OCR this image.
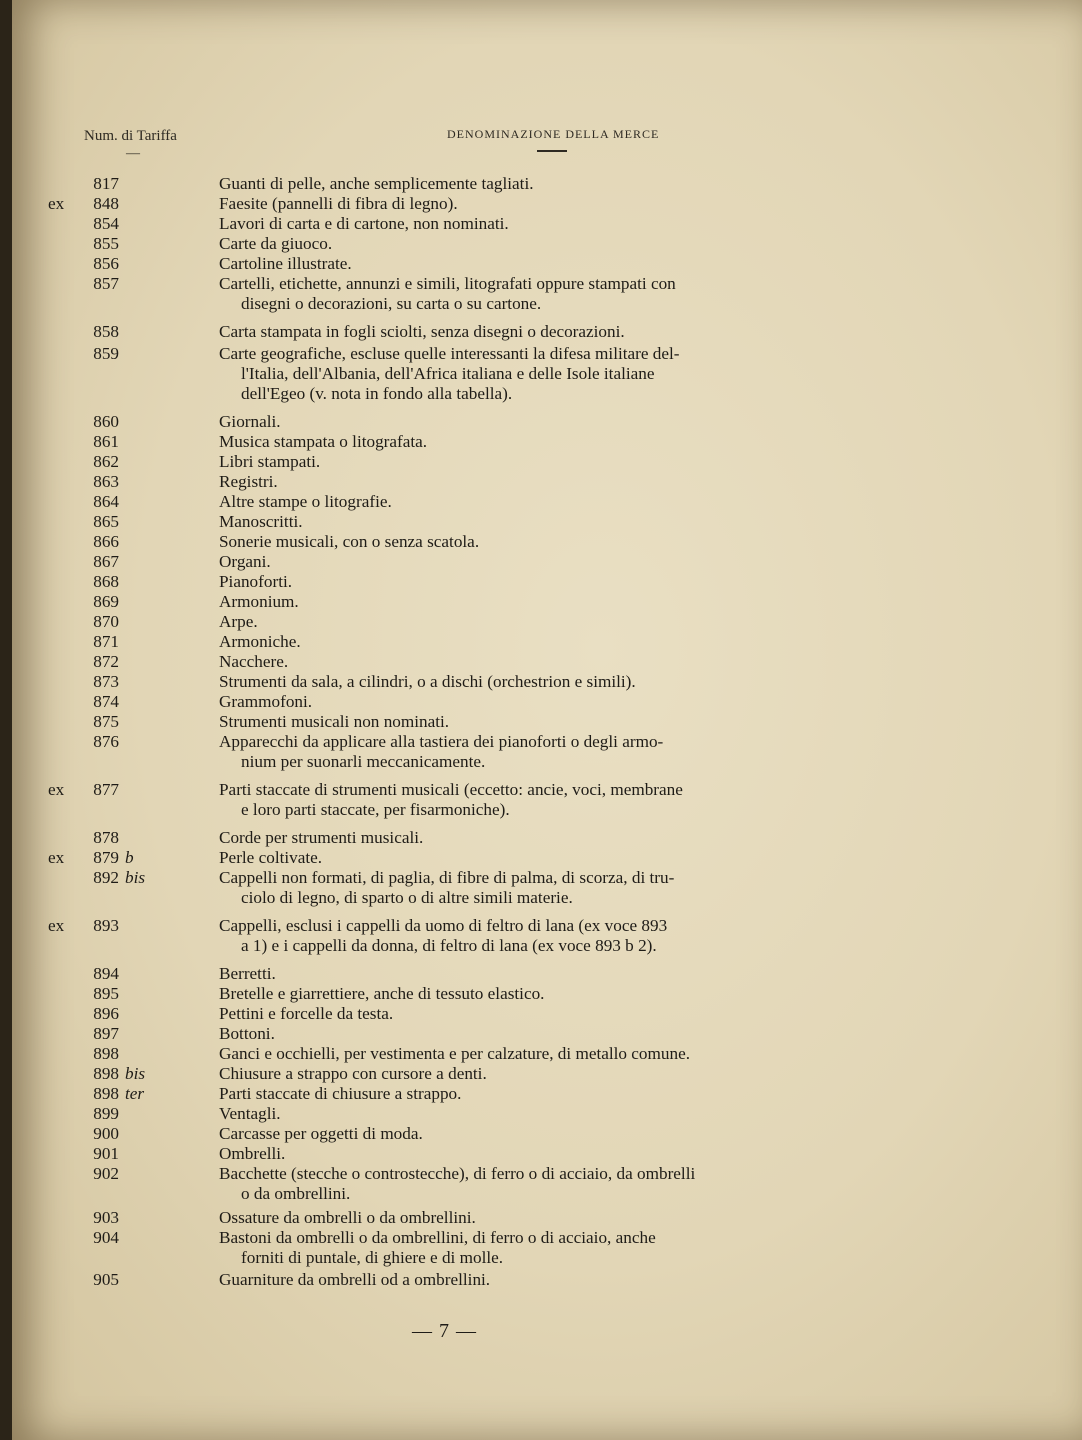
Num. di Tariffa
—
DENOMINAZIONE DELLA MERCE
817	Guanti di pelle, anche semplicemente tagliati.
ex	848	Faesite (pannelli di fibra di legno).
854	Lavori di carta e di cartone, non nominati.
855	Carte da giuoco.
856	Cartoline illustrate.
857	Cartelli, etichette, annunzi e simili, litografati oppure stampati con
disegni o decorazioni, su carta o su cartone.
858	Carta stampata in fogli sciolti, senza disegni o decorazioni.
859	Carte geografiche, escluse quelle interessanti la difesa militare del-
l'Italia, dell'Albania, dell'Africa italiana e delle Isole italiane
dell'Egeo (v. nota in fondo alla tabella).
860	Giornali.
861	Musica stampata o litografata.
862	Libri stampati.
863	Registri.
864	Altre stampe o litografie.
865	Manoscritti.
866	Sonerie musicali, con o senza scatola.
867	Organi.
868	Pianoforti.
869	Armonium.
870	Arpe.
871	Armoniche.
872	Nacchere.
873	Strumenti da sala, a cilindri, o a dischi (orchestrion e simili).
874	Grammofoni.
875	Strumenti musicali non nominati.
876	Apparecchi da applicare alla tastiera dei pianoforti o degli armo-
nium per suonarli meccanicamente.
ex	877	Parti staccate di strumenti musicali (eccetto: ancie, voci, membrane
e loro parti staccate, per fisarmoniche).
878	Corde per strumenti musicali.
ex	879 b	Perle coltivate.
892 bis	Cappelli non formati, di paglia, di fibre di palma, di scorza, di tru-
ciolo di legno, di sparto o di altre simili materie.
ex	893	Cappelli, esclusi i cappelli da uomo di feltro di lana (ex voce 893
a 1) e i cappelli da donna, di feltro di lana (ex voce 893 b 2).
894	Berretti.
895	Bretelle e giarrettiere, anche di tessuto elastico.
896	Pettini e forcelle da testa.
897	Bottoni.
898	Ganci e occhielli, per vestimenta e per calzature, di metallo comune.
898 bis	Chiusure a strappo con cursore a denti.
898 ter	Parti staccate di chiusure a strappo.
899	Ventagli.
900	Carcasse per oggetti di moda.
901	Ombrelli.
902	Bacchette (stecche o controstecche), di ferro o di acciaio, da ombrelli
o da ombrellini.
903	Ossature da ombrelli o da ombrellini.
904	Bastoni da ombrelli o da ombrellini, di ferro o di acciaio, anche
forniti di puntale, di ghiere e di molle.
905	Guarniture da ombrelli od a ombrellini.
— 7 —
